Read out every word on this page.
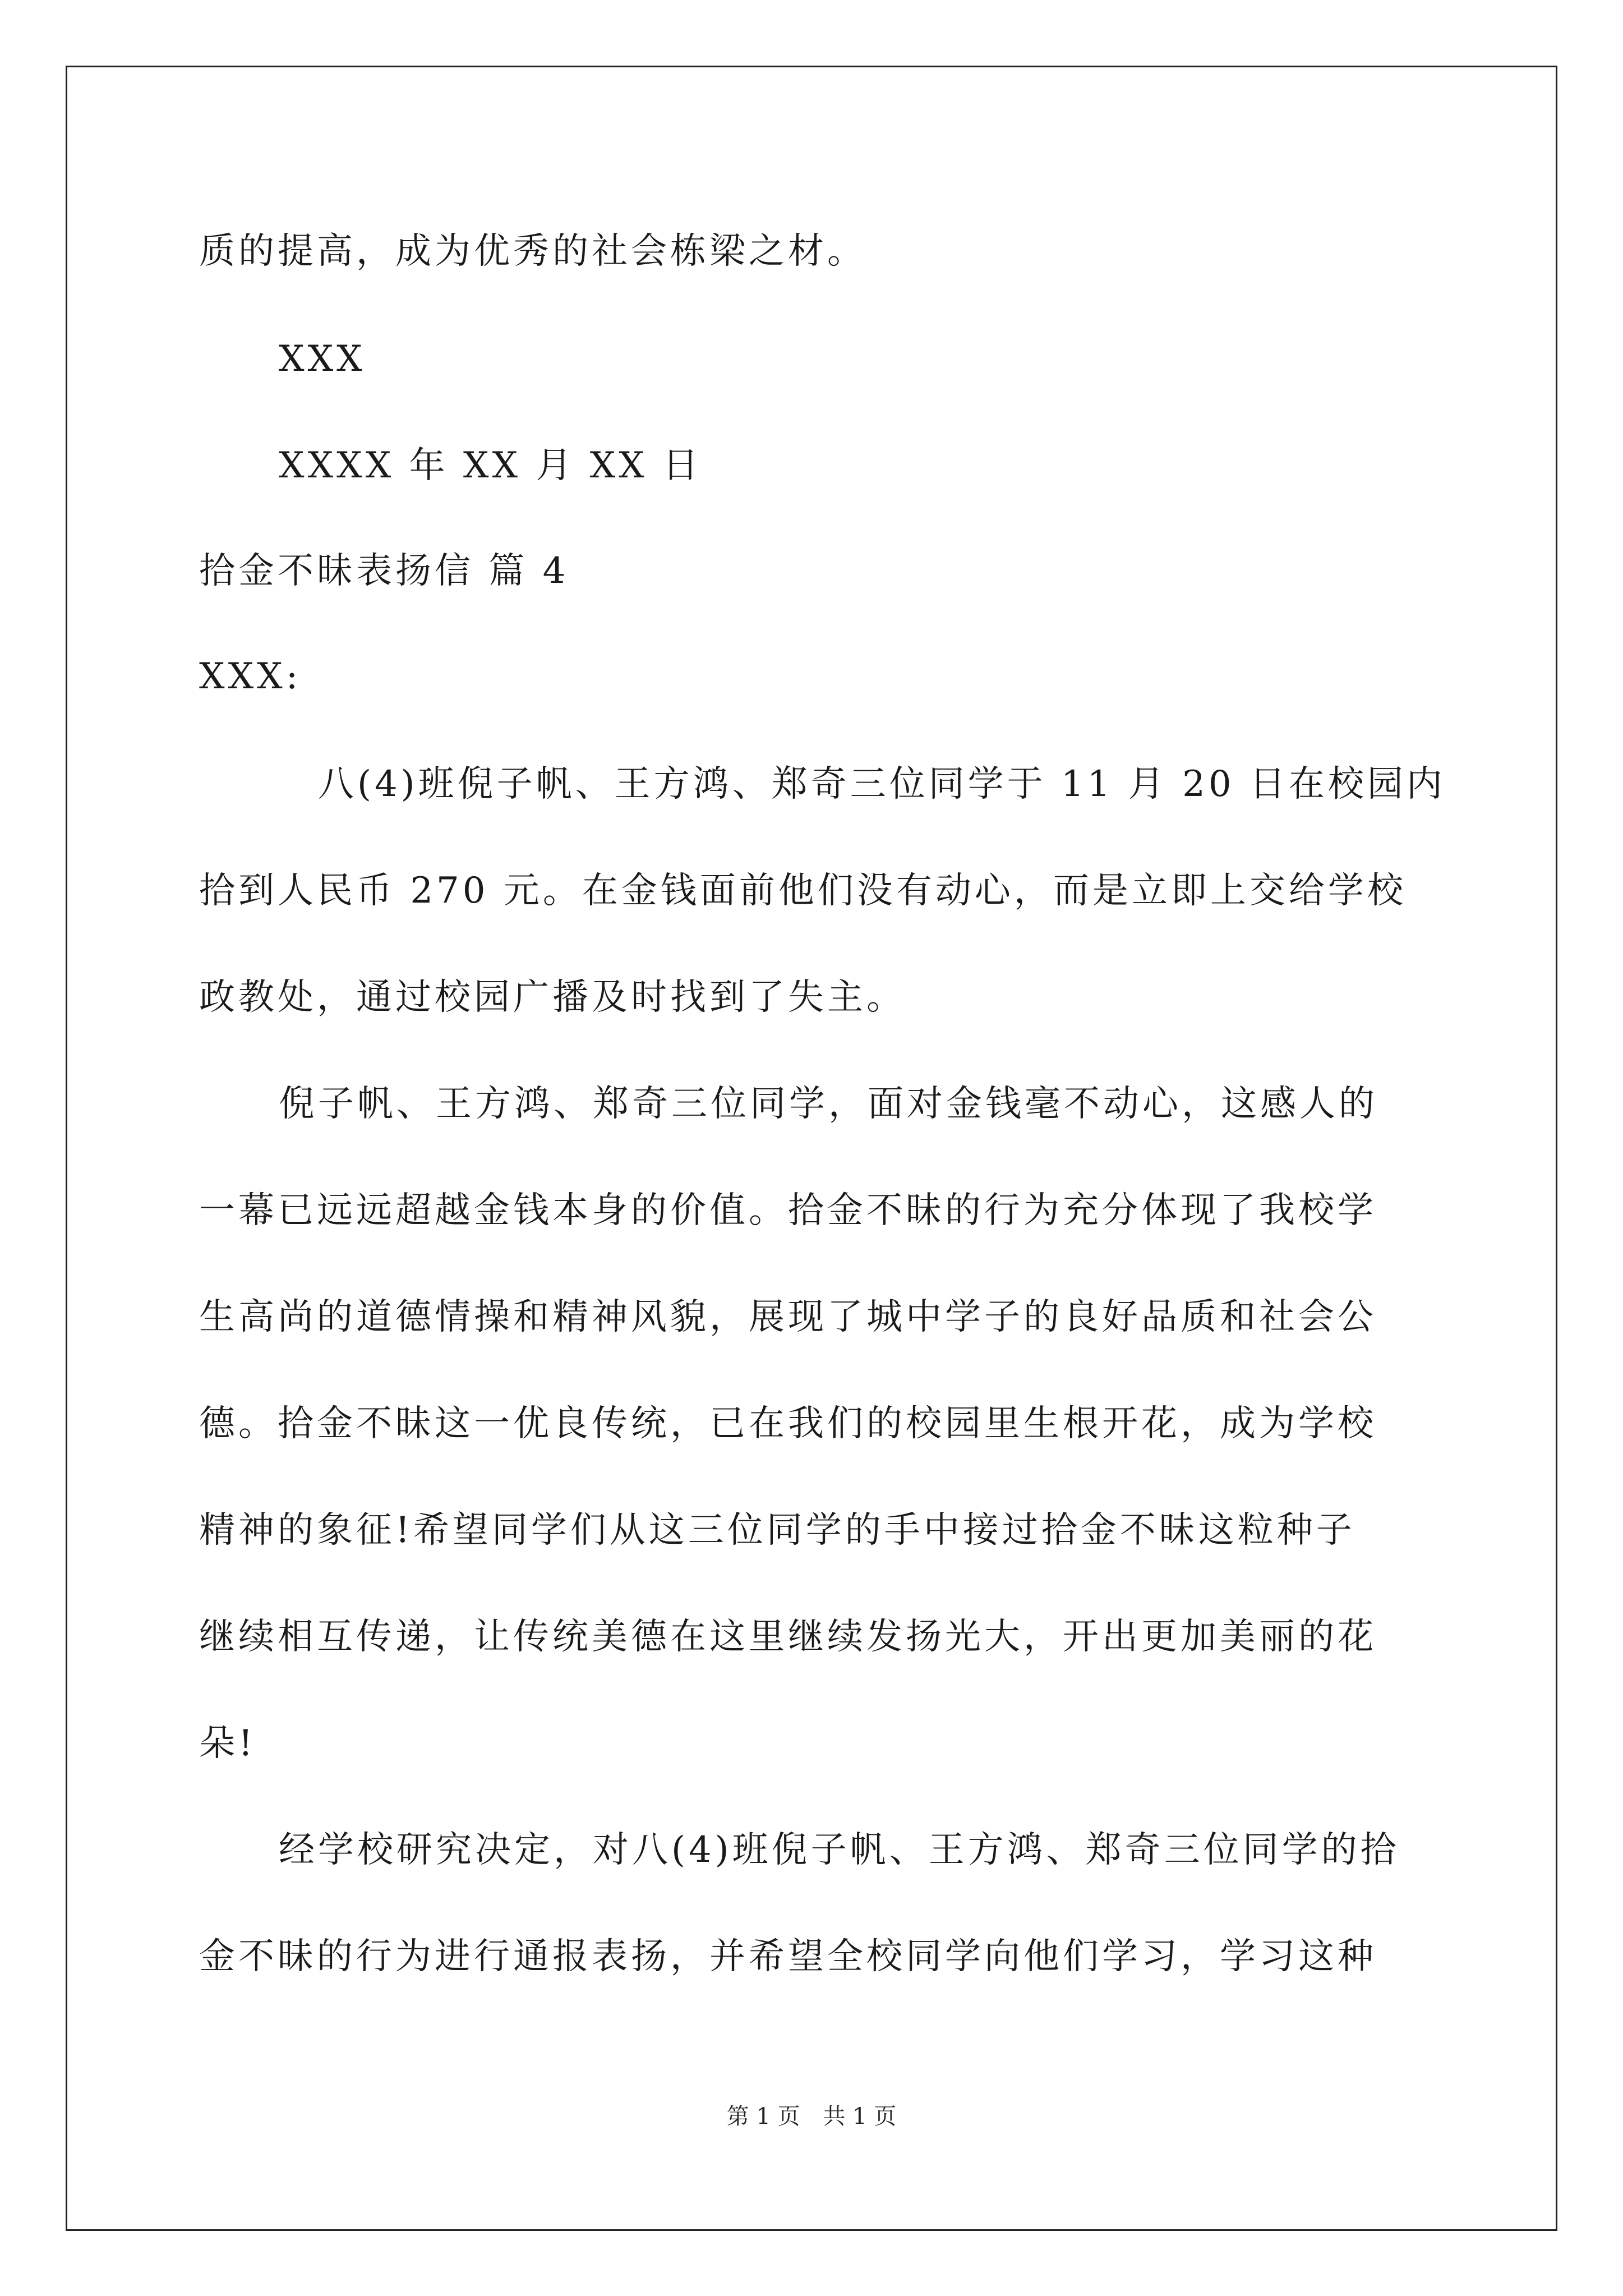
质的提高，成为优秀的社会栋梁之材。
XXX
XXXX 年 XX 月 XX 日
拾金不昧表扬信 篇 4
XXX:
八(4)班倪子帆、王方鸿、郑奇三位同学于 11 月 20 日在校园内
拾到人民币 270 元。在金钱面前他们没有动心，而是立即上交给学校
政教处，通过校园广播及时找到了失主。
倪子帆、王方鸿、郑奇三位同学，面对金钱毫不动心，这感人的
一幕已远远超越金钱本身的价值。拾金不昧的行为充分体现了我校学
生高尚的道德情操和精神风貌，展现了城中学子的良好品质和社会公
德。拾金不昧这一优良传统，已在我们的校园里生根开花，成为学校
精神的象征!希望同学们从这三位同学的手中接过拾金不昧这粒种子
继续相互传递，让传统美德在这里继续发扬光大，开出更加美丽的花
朵!
经学校研究决定，对八(4)班倪子帆、王方鸿、郑奇三位同学的拾
金不昧的行为进行通报表扬，并希望全校同学向他们学习，学习这种
第 1 页 共 1 页
